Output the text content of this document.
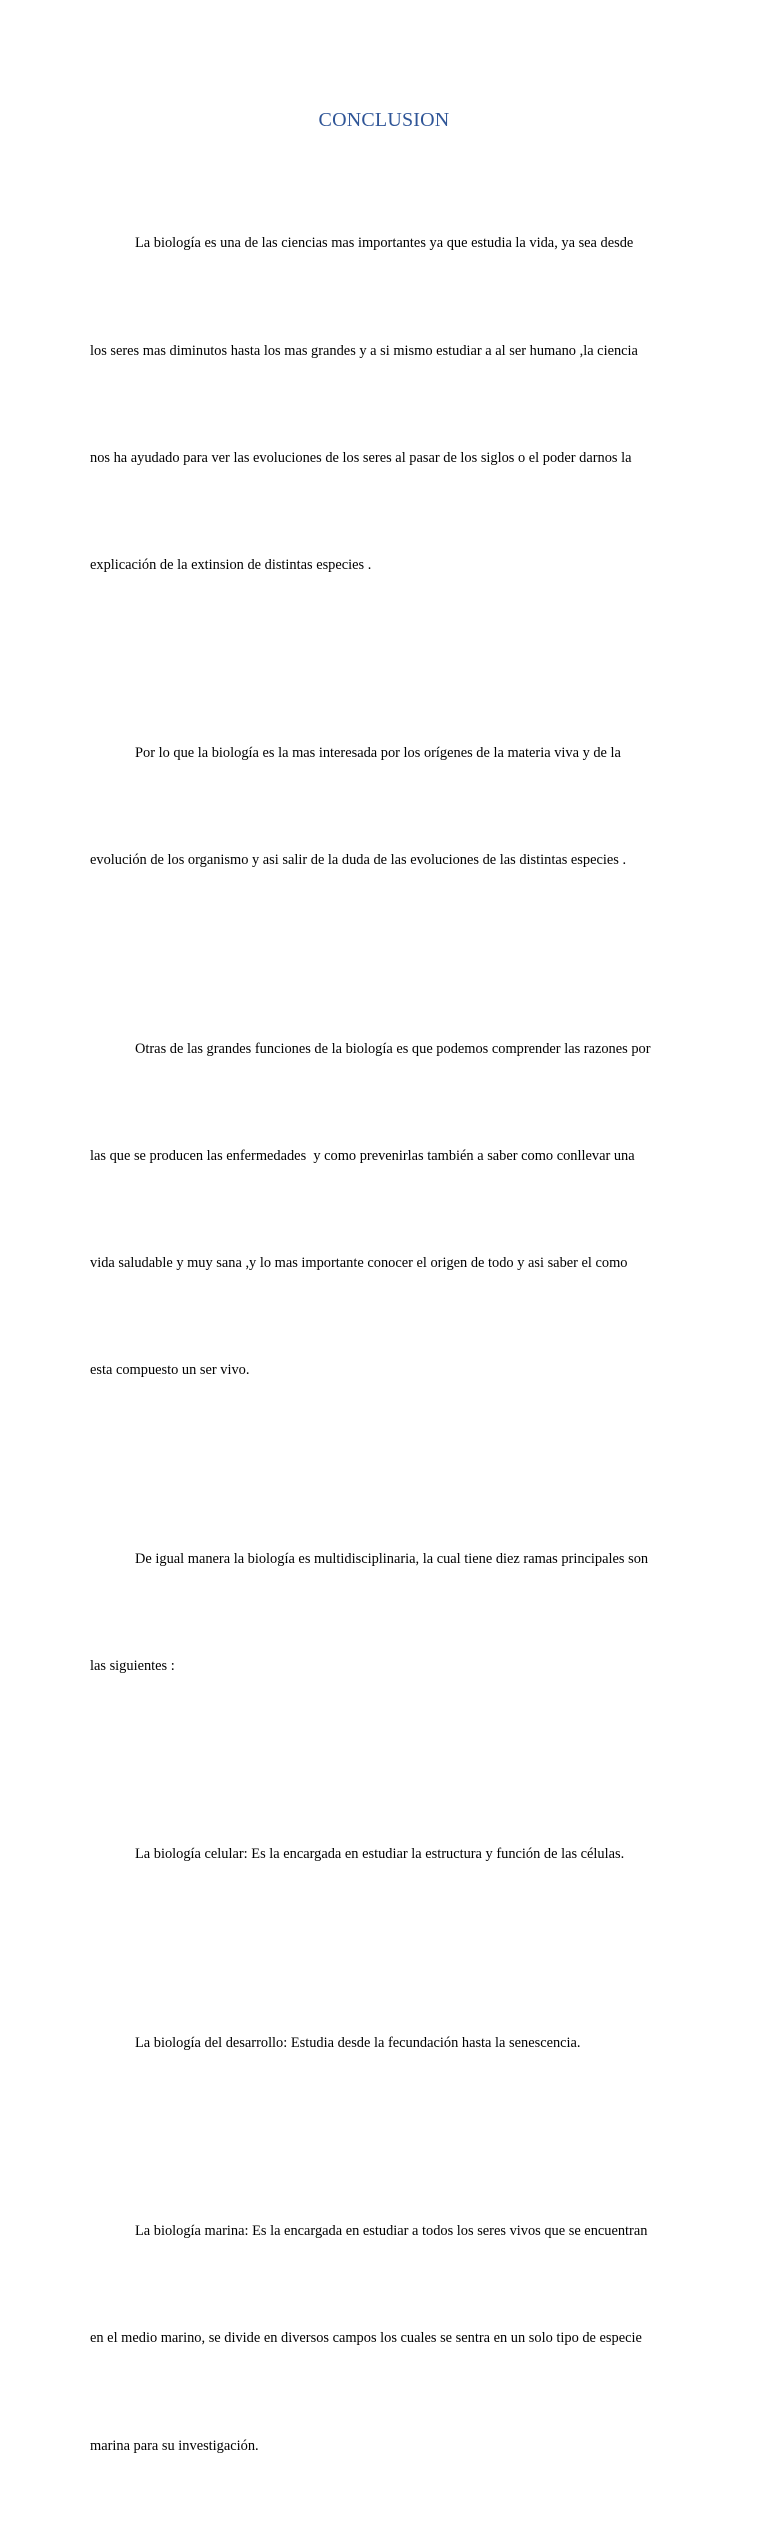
CONCLUSION

La biología es una de las ciencias mas importantes ya que estudia la vida, ya sea desde

los seres mas diminutos hasta los mas grandes y a si mismo estudiar a al ser humano ,la ciencia

nos ha ayudado para ver las evoluciones de los seres al pasar de los siglos o el poder darnos la

explicación de la extinsion de distintas especies .

Por lo que la biología es la mas interesada por los orígenes de la materia viva y de la

evolución de los organismo y asi salir de la duda de las evoluciones de las distintas especies .

Otras de las grandes funciones de la biología es que podemos comprender las razones por

las que se producen las enfermedades  y como prevenirlas también a saber como conllevar una

vida saludable y muy sana ,y lo mas importante conocer el origen de todo y asi saber el como

esta compuesto un ser vivo.

De igual manera la biología es multidisciplinaria, la cual tiene diez ramas principales son

las siguientes :

La biología celular: Es la encargada en estudiar la estructura y función de las células.

La biología del desarrollo: Estudia desde la fecundación hasta la senescencia.

La biología marina: Es la encargada en estudiar a todos los seres vivos que se encuentran

en el medio marino, se divide en diversos campos los cuales se sentra en un solo tipo de especie

marina para su investigación.
